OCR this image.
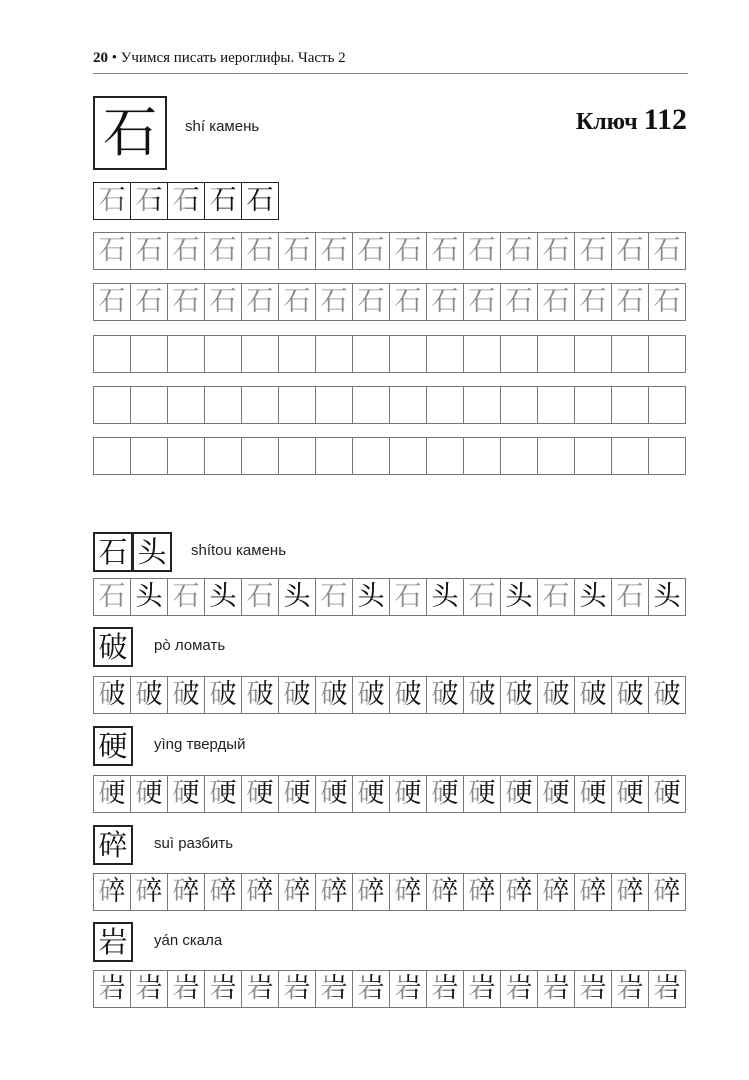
20 • Учимся писать иероглифы. Часть 2
石	shí камень	Ключ 112
石 石 石 石 石
石 石 石 石 石 石 石 石 石 石 石 石 石 石 石 石
石 石 石 石 石 石 石 石 石 石 石 石 石 石 石 石
石 头	shítou камень
石 头 石 头 石 头 石 头 石 头 石 头 石 头 石 头
破	pò ломать
破 破 破 破 破 破 破 破 破 破 破 破 破 破 破 破
硬	yìng твердый
硬 硬 硬 硬 硬 硬 硬 硬 硬 硬 硬 硬 硬 硬 硬 硬
碎	suì разбить
碎 碎 碎 碎 碎 碎 碎 碎 碎 碎 碎 碎 碎 碎 碎 碎
岩	yán скала
岩 岩 岩 岩 岩 岩 岩 岩 岩 岩 岩 岩 岩 岩 岩 岩
